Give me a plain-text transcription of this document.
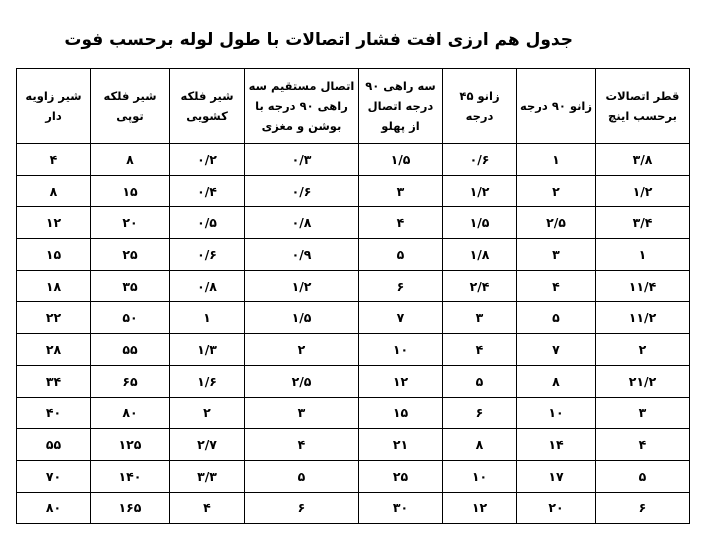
جدول هم ارزی افت فشار اتصالات با طول لوله برحسب فوت
قطر اتصالات برحسب اینچ	زانو ۹۰ درجه	زانو ۴۵ درجه	سه راهی ۹۰ درجه اتصال از پهلو	اتصال مستقیم سه راهی ۹۰ درجه با بوشن و مغزی	شیر فلکه کشویی	شیر فلکه توپی	شیر زاویه دار
۳/۸	۱	۰/۶	۱/۵	۰/۳	۰/۲	۸	۴
۱/۲	۲	۱/۲	۳	۰/۶	۰/۴	۱۵	۸
۳/۴	۲/۵	۱/۵	۴	۰/۸	۰/۵	۲۰	۱۲
۱	۳	۱/۸	۵	۰/۹	۰/۶	۲۵	۱۵
۱۱/۴	۴	۲/۴	۶	۱/۲	۰/۸	۳۵	۱۸
۱۱/۲	۵	۳	۷	۱/۵	۱	۵۰	۲۲
۲	۷	۴	۱۰	۲	۱/۳	۵۵	۲۸
۲۱/۲	۸	۵	۱۲	۲/۵	۱/۶	۶۵	۳۴
۳	۱۰	۶	۱۵	۳	۲	۸۰	۴۰
۴	۱۴	۸	۲۱	۴	۲/۷	۱۲۵	۵۵
۵	۱۷	۱۰	۲۵	۵	۳/۳	۱۴۰	۷۰
۶	۲۰	۱۲	۳۰	۶	۴	۱۶۵	۸۰
